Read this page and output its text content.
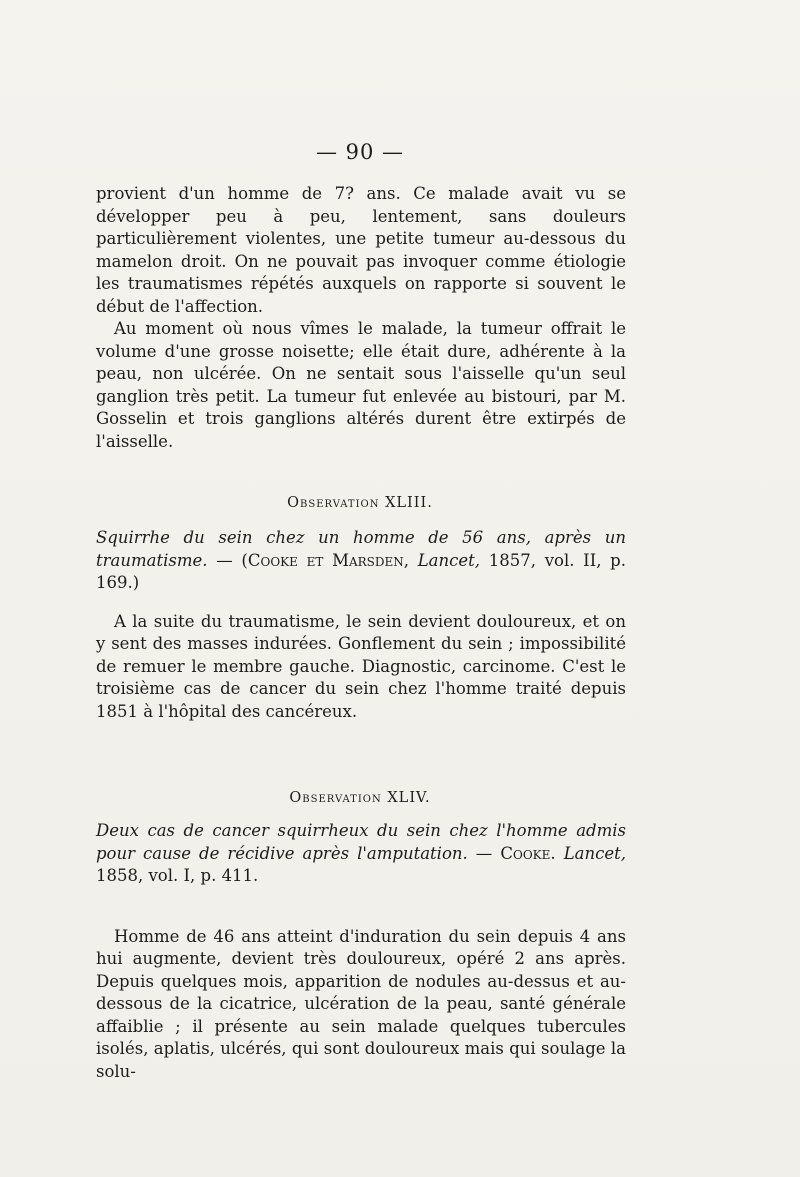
— 90 —

provient d'un homme de 7? ans. Ce malade avait vu se développer peu à peu, lentement, sans douleurs particulièrement violentes, une petite tumeur au-dessous du mamelon droit. On ne pouvait pas invoquer comme étiologie les traumatismes répétés auxquels on rapporte si souvent le début de l'affection.

Au moment où nous vîmes le malade, la tumeur offrait le volume d'une grosse noisette; elle était dure, adhérente à la peau, non ulcérée. On ne sentait sous l'aisselle qu'un seul ganglion très petit. La tumeur fut enlevée au bistouri, par M. Gosselin et trois ganglions altérés durent être extirpés de l'aisselle.

Observation XLIII.

Squirrhe du sein chez un homme de 56 ans, après un traumatisme. — (Cooke et Marsden, Lancet, 1857, vol. II, p. 169.)

A la suite du traumatisme, le sein devient douloureux, et on y sent des masses indurées. Gonflement du sein ; impossibilité de remuer le membre gauche. Diagnostic, carcinome. C'est le troisième cas de cancer du sein chez l'homme traité depuis 1851 à l'hôpital des cancéreux.

Observation XLIV.

Deux cas de cancer squirrheux du sein chez l'homme admis pour cause de récidive après l'amputation. — Cooke. Lancet, 1858, vol. I, p. 411.

Homme de 46 ans atteint d'induration du sein depuis 4 ans hui augmente, devient très douloureux, opéré 2 ans après. Depuis quelques mois, apparition de nodules au-dessus et au-dessous de la cicatrice, ulcération de la peau, santé générale affaiblie ; il présente au sein malade quelques tubercules isolés, aplatis, ulcérés, qui sont douloureux mais qui soulage la solu-
